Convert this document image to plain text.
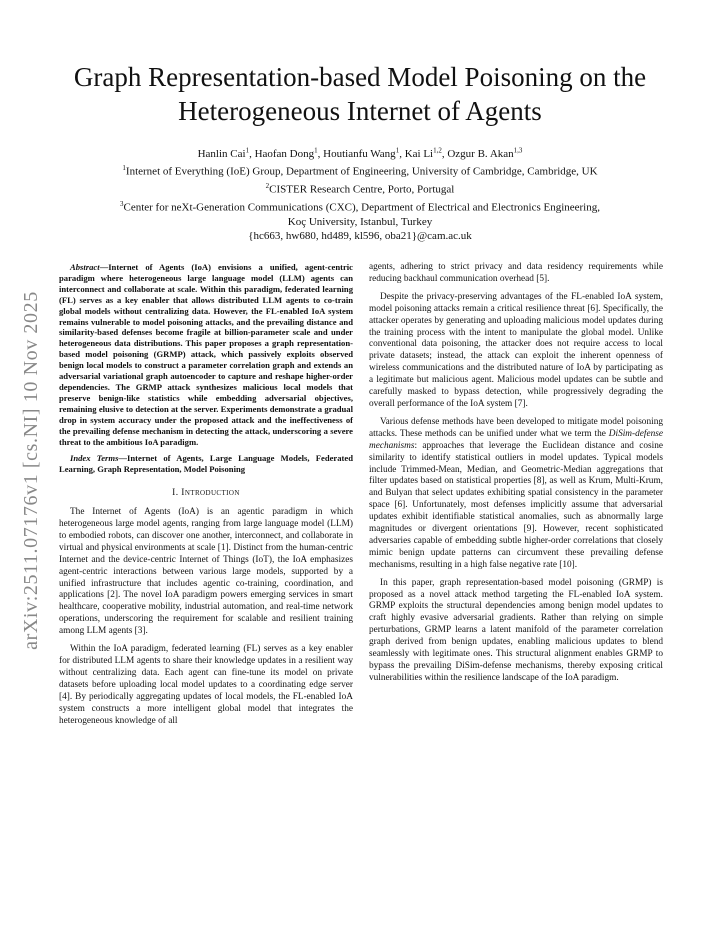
arXiv:2511.07176v1 [cs.NI] 10 Nov 2025
Graph Representation-based Model Poisoning on the Heterogeneous Internet of Agents
Hanlin Cai$^1$, Haofan Dong$^1$, Houtianfu Wang$^1$, Kai Li$^{1,2}$, Ozgur B. Akan$^{1,3}$
$^1$Internet of Everything (IoE) Group, Department of Engineering, University of Cambridge, Cambridge, UK
$^2$CISTER Research Centre, Porto, Portugal
$^3$Center for neXt-Generation Communications (CXC), Department of Electrical and Electronics Engineering,
Koç University, Istanbul, Turkey
{hc663, hw680, hd489, kl596, oba21}@cam.ac.uk

Abstract—Internet of Agents (IoA) envisions a unified, agent-centric paradigm where heterogeneous large language model (LLM) agents can interconnect and collaborate at scale. Within this paradigm, federated learning (FL) serves as a key enabler that allows distributed LLM agents to co-train global models without centralizing data. However, the FL-enabled IoA system remains vulnerable to model poisoning attacks, and the prevailing distance and similarity-based defenses become fragile at billion-parameter scale and under heterogeneous data distributions. This paper proposes a graph representation-based model poisoning (GRMP) attack, which passively exploits observed benign local models to construct a parameter correlation graph and extends an adversarial variational graph autoencoder to capture and reshape higher-order dependencies. The GRMP attack synthesizes malicious local models that preserve benign-like statistics while embedding adversarial objectives, remaining elusive to detection at the server. Experiments demonstrate a gradual drop in system accuracy under the proposed attack and the ineffectiveness of the prevailing defense mechanism in detecting the attack, underscoring a severe threat to the ambitious IoA paradigm.

Index Terms—Internet of Agents, Large Language Models, Federated Learning, Graph Representation, Model Poisoning

I. Introduction

The Internet of Agents (IoA) is an agentic paradigm in which heterogeneous large model agents, ranging from large language model (LLM) to embodied robots, can discover one another, interconnect, and collaborate in virtual and physical environments at scale [1]. Distinct from the human-centric Internet and the device-centric Internet of Things (IoT), the IoA emphasizes agent-centric interactions between various large models, supported by a unified infrastructure that includes agentic co-training, coordination, and applications [2]. The novel IoA paradigm powers emerging services in smart healthcare, cooperative mobility, industrial automation, and real-time network operations, underscoring the requirement for scalable and resilient training among LLM agents [3].

Within the IoA paradigm, federated learning (FL) serves as a key enabler for distributed LLM agents to share their knowledge updates in a resilient way without centralizing data. Each agent can fine-tune its model on private datasets before uploading local model updates to a coordinating edge server [4]. By periodically aggregating updates of local models, the FL-enabled IoA system constructs a more intelligent global model that integrates the heterogeneous knowledge of all

agents, adhering to strict privacy and data residency requirements while reducing backhaul communication overhead [5].

Despite the privacy-preserving advantages of the FL-enabled IoA system, model poisoning attacks remain a critical resilience threat [6]. Specifically, the attacker operates by generating and uploading malicious model updates during the training process with the intent to manipulate the global model. Unlike conventional data poisoning, the attacker does not require access to local private datasets; instead, the attack can exploit the inherent openness of wireless communications and the distributed nature of IoA by participating as a legitimate but malicious agent. Malicious model updates can be subtle and carefully masked to bypass detection, while progressively degrading the overall performance of the IoA system [7].

Various defense methods have been developed to mitigate model poisoning attacks. These methods can be unified under what we term the DiSim-defense mechanisms: approaches that leverage the Euclidean distance and cosine similarity to identify statistical outliers in model updates. Typical models include Trimmed-Mean, Median, and Geometric-Median aggregations that filter updates based on statistical properties [8], as well as Krum, Multi-Krum, and Bulyan that select updates exhibiting spatial consistency in the parameter space [6]. Unfortunately, most defenses implicitly assume that adversarial updates exhibit identifiable statistical anomalies, such as abnormally large magnitudes or divergent orientations [9]. However, recent sophisticated adversaries capable of embedding subtle higher-order correlations that closely mimic benign update patterns can circumvent these prevailing defense mechanisms, resulting in a high false negative rate [10].

In this paper, graph representation-based model poisoning (GRMP) is proposed as a novel attack method targeting the FL-enabled IoA system. GRMP exploits the structural dependencies among benign model updates to craft highly evasive adversarial gradients. Rather than relying on simple perturbations, GRMP learns a latent manifold of the parameter correlation graph derived from benign updates, enabling malicious updates to blend seamlessly with legitimate ones. This structural alignment enables GRMP to bypass the prevailing DiSim-defense mechanisms, thereby exposing critical vulnerabilities within the resilience landscape of the IoA paradigm.
